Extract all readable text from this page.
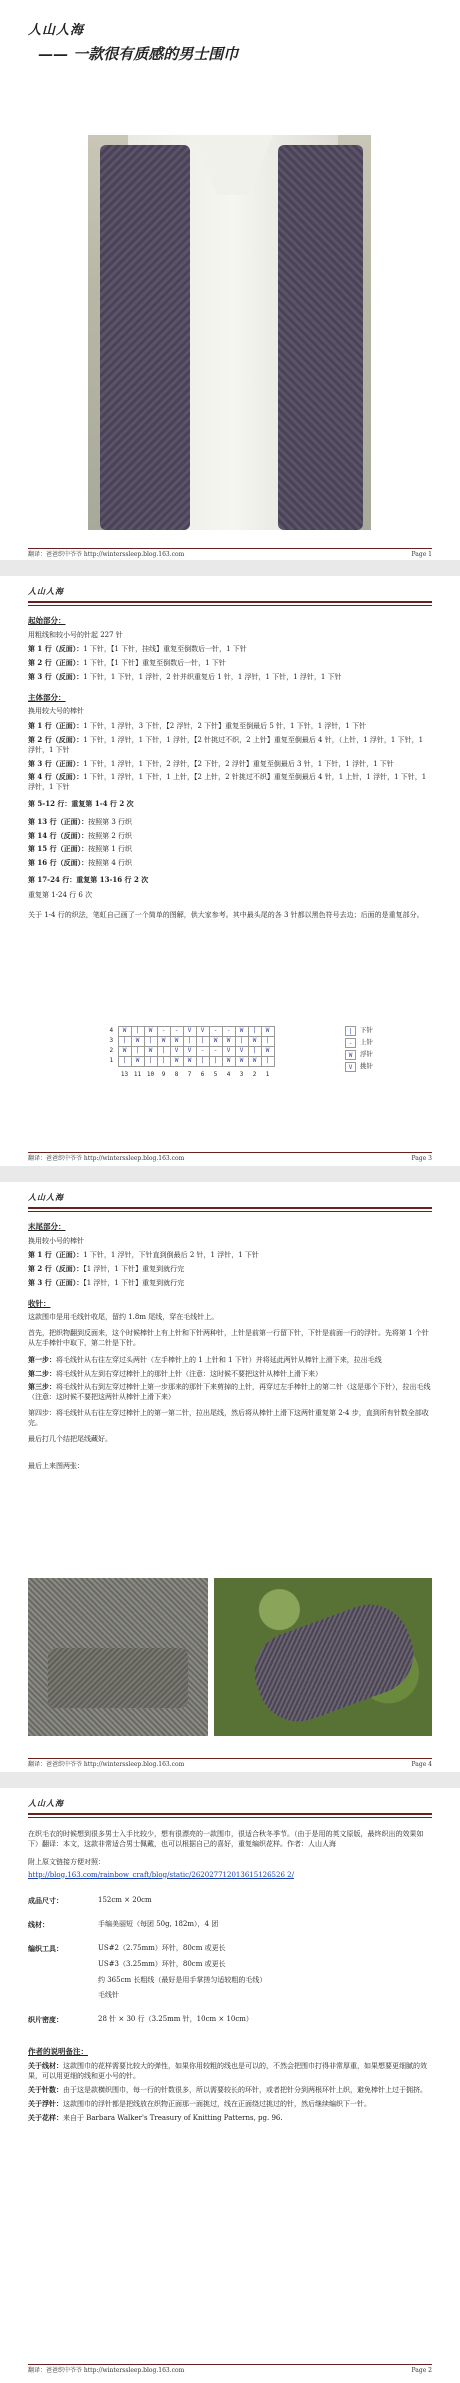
人山人海
—— 一款很有质感的男士围巾
翻译：爸爸织中爷爷 http://winterssleep.blog.163.com	Page 1
人山人海
起始部分：
用粗线和较小号的针起 227 针
第 1 行（反面）：1 下针，【1 下针，挂线】重复至倒数后一针，1 下针
第 2 行（正面）：1 下针，【1 下针】重复至倒数后一针，1 下针
第 3 行（反面）：1 下针，1 下针，1 浮针，2 针并织重复后 1 针，1 浮针，1 下针，1 浮针，1 下针
主体部分：
换用较大号的棒针
第 1 行（正面）：1 下针，1 浮针，3 下针，【2 浮针，2 下针】重复至倒最后 5 针，1 下针，1 浮针，1 下针
第 2 行（反面）：1 下针，1 浮针，1 下针，1 浮针，【2 针挑过不织，2 上针】重复至倒最后 4 针，（上针，1 浮针，1 下针，1 浮针，1 下针
第 3 行（正面）：1 下针，1 浮针，1 下针，2 浮针，【2 下针，2 浮针】重复至倒最后 3 针，1 下针，1 浮针，1 下针
第 4 行（反面）：1 下针，1 浮针，1 下针，1 上针，【2 上针，2 针挑过不织】重复至倒最后 4 针，1 上针，1 浮针，1 下针，1 浮针，1 下针
第 5-12 行：重复第 1-4 行 2 次
第 13 行（正面）：按照第 3 行织
第 14 行（反面）：按照第 2 行织
第 15 行（正面）：按照第 1 行织
第 16 行（反面）：按照第 4 行织
第 17-24 行：重复第 13-16 行 2 次
重复第 1-24 行 6 次
关于 1-4 行的织法，笔虹自己画了一个简单的图解，供大家参考。其中最头尾的各 3 针都以黑色符号去边；后面的是重复部分。
4	W	|	W	-	-	V	V	-	-	W	|	W
3	|	W	|	W	W	|	|	W	W	|	W	|
2	W	|	W	|	V	V	-	-	V	V	|	W
1	|	W	|	|	W	W	|	|	W	W	W	|
	13	11	10	9	8	7	6	5	4	3	2	1
|	下针
-	上针
W	浮针
V	挑针
翻译：爸爸织中爷爷 http://winterssleep.blog.163.com	Page 3
人山人海
末尾部分：
换用较小号的棒针
第 1 行（正面）：1 下针，1 浮针，下针直到倒最后 2 针，1 浮针，1 下针
第 2 行（反面）：【1 浮针，1 下针】重复到就行完
第 3 行（正面）：【1 浮针，1 下针】重复到就行完
收针：
这款围巾是用毛线针收尾，留约 1.8m 尾线，穿在毛线针上。
首先，把织物翻到反面来，这个时候棒针上有上针和下针两种针，上针是前第一行留下针，下针是前面一行的浮针。先将第 1 个针从左手棒针中取下，第二针是下针。
第一步：将毛线针从右往左穿过头两针（左手棒针上的 1 上针和 1 下针）并将延此两针从棒针上滑下来，拉出毛线
第二步：将毛线针从左到右穿过棒针上的那针上针（注意：这时候不要把这针从棒针上滑下来）
第三步：将毛线针从右到左穿过棒针上第一步那来的那针下来剪掉的上针，再穿过左手棒针上的第二针（这是那个下针），拉出毛线（注意：这时候不要把这两针从棒针上滑下来）
第四步：将毛线针从右往左穿过棒针上的第一第二针，拉出尾线，然后将从棒针上滑下这两针重复第 2-4 步，直到所有针数全部收完。
最后打几个结把尾线藏好。
最后上来图两张：
翻译：爸爸织中爷爷 http://winterssleep.blog.163.com	Page 4
人山人海
在织毛衣的时候想到很多男士入手比较少，想有很漂亮的一款围巾，很适合秋冬季节。（由于是用的英文原版，最终织出的效果如下）翻译：本文，这款非常适合男士佩戴，也可以根据自己的喜好，重复编织花样。作者：人山人海
附上原文链接方便对照：
http://blog.163.com/rainbow_craft/blog/static/262027712013615126526 2/
成品尺寸：	152cm × 20cm
线材：	手编美丽短（每团 50g, 182m），4 团
编织工具：	US#2（2.75mm）环针，80cm 或更长
US#3（3.25mm）环针，80cm 或更长
约 365cm 长粗线（最好是用手掌搓匀适较粗的毛线）
毛线针
织片密度：	28 针 × 30 行（3.25mm 针，10cm × 10cm）
作者的说明备注：
关于线材：这款围巾的花样需要比较大的弹性，如果你用较粗的线也是可以的，不然会把围巾打得非常厚重，如果想要更细腻的效果，可以用更细的线和更小号的针。
关于针数：由于这是款横织围巾，每一行的针数很多，所以需要较长的环针，或者把针分到两根环针上织，避免棒针上过于拥挤。
关于浮针：这款围巾的浮针都是把线放在织物正面那一面挑过，线在正面绕过挑过的针，然后继续编织下一针。
关于花样：来自于 Barbara Walker's Treasury of Knitting Patterns, pg. 96.
翻译：爸爸织中爷爷 http://winterssleep.blog.163.com	Page 2
